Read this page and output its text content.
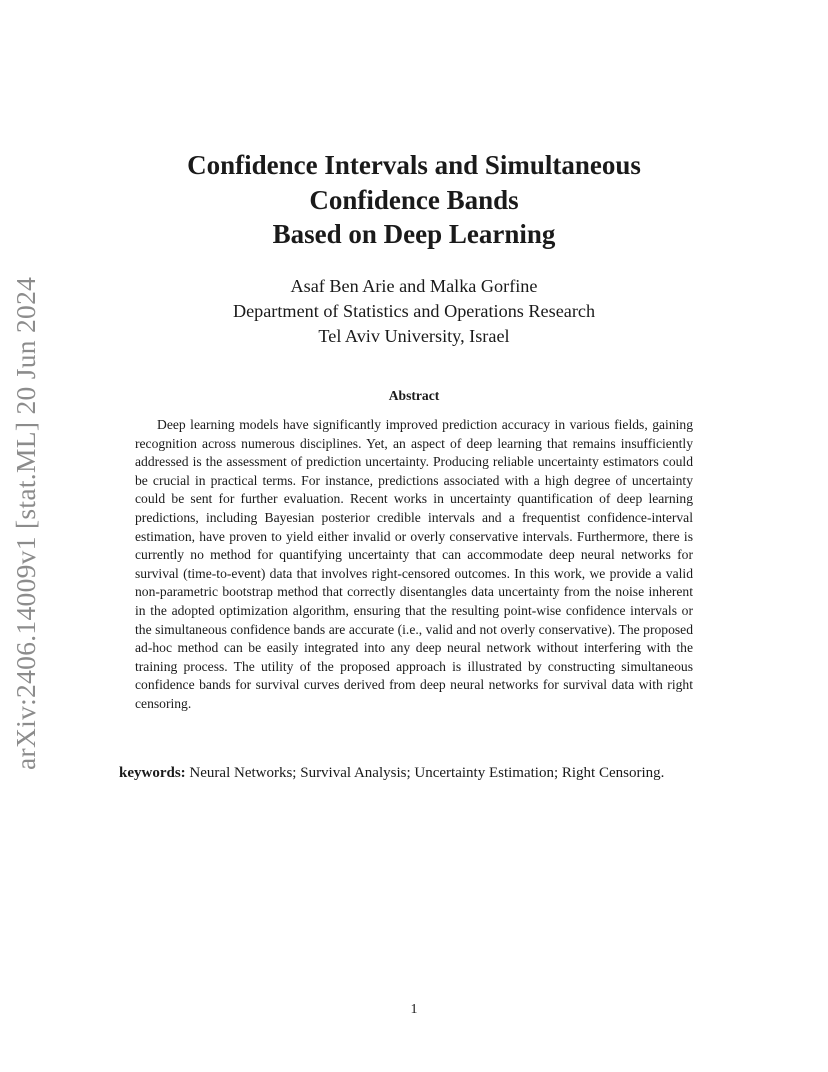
arXiv:2406.14009v1 [stat.ML] 20 Jun 2024
Confidence Intervals and Simultaneous
Confidence Bands
Based on Deep Learning
Asaf Ben Arie and Malka Gorfine
Department of Statistics and Operations Research
Tel Aviv University, Israel
Abstract

Deep learning models have significantly improved prediction accuracy in various fields, gaining recognition across numerous disciplines. Yet, an aspect of deep learning that remains insufficiently addressed is the assessment of prediction uncertainty. Producing reliable uncertainty estimators could be crucial in practical terms. For instance, predictions associated with a high degree of uncertainty could be sent for further evaluation. Recent works in uncertainty quantification of deep learning predictions, including Bayesian posterior credible intervals and a frequentist confidence-interval estimation, have proven to yield either invalid or overly conservative intervals. Furthermore, there is currently no method for quantifying uncertainty that can accommodate deep neural networks for survival (time-to-event) data that involves right-censored outcomes. In this work, we provide a valid non-parametric bootstrap method that correctly disentangles data uncertainty from the noise inherent in the adopted optimization algorithm, ensuring that the resulting point-wise confidence intervals or the simultaneous confidence bands are accurate (i.e., valid and not overly conservative). The proposed ad-hoc method can be easily integrated into any deep neural network without interfering with the training process. The utility of the proposed approach is illustrated by constructing simultaneous confidence bands for survival curves derived from deep neural networks for survival data with right censoring.

keywords: Neural Networks; Survival Analysis; Uncertainty Estimation; Right Censoring.

1
